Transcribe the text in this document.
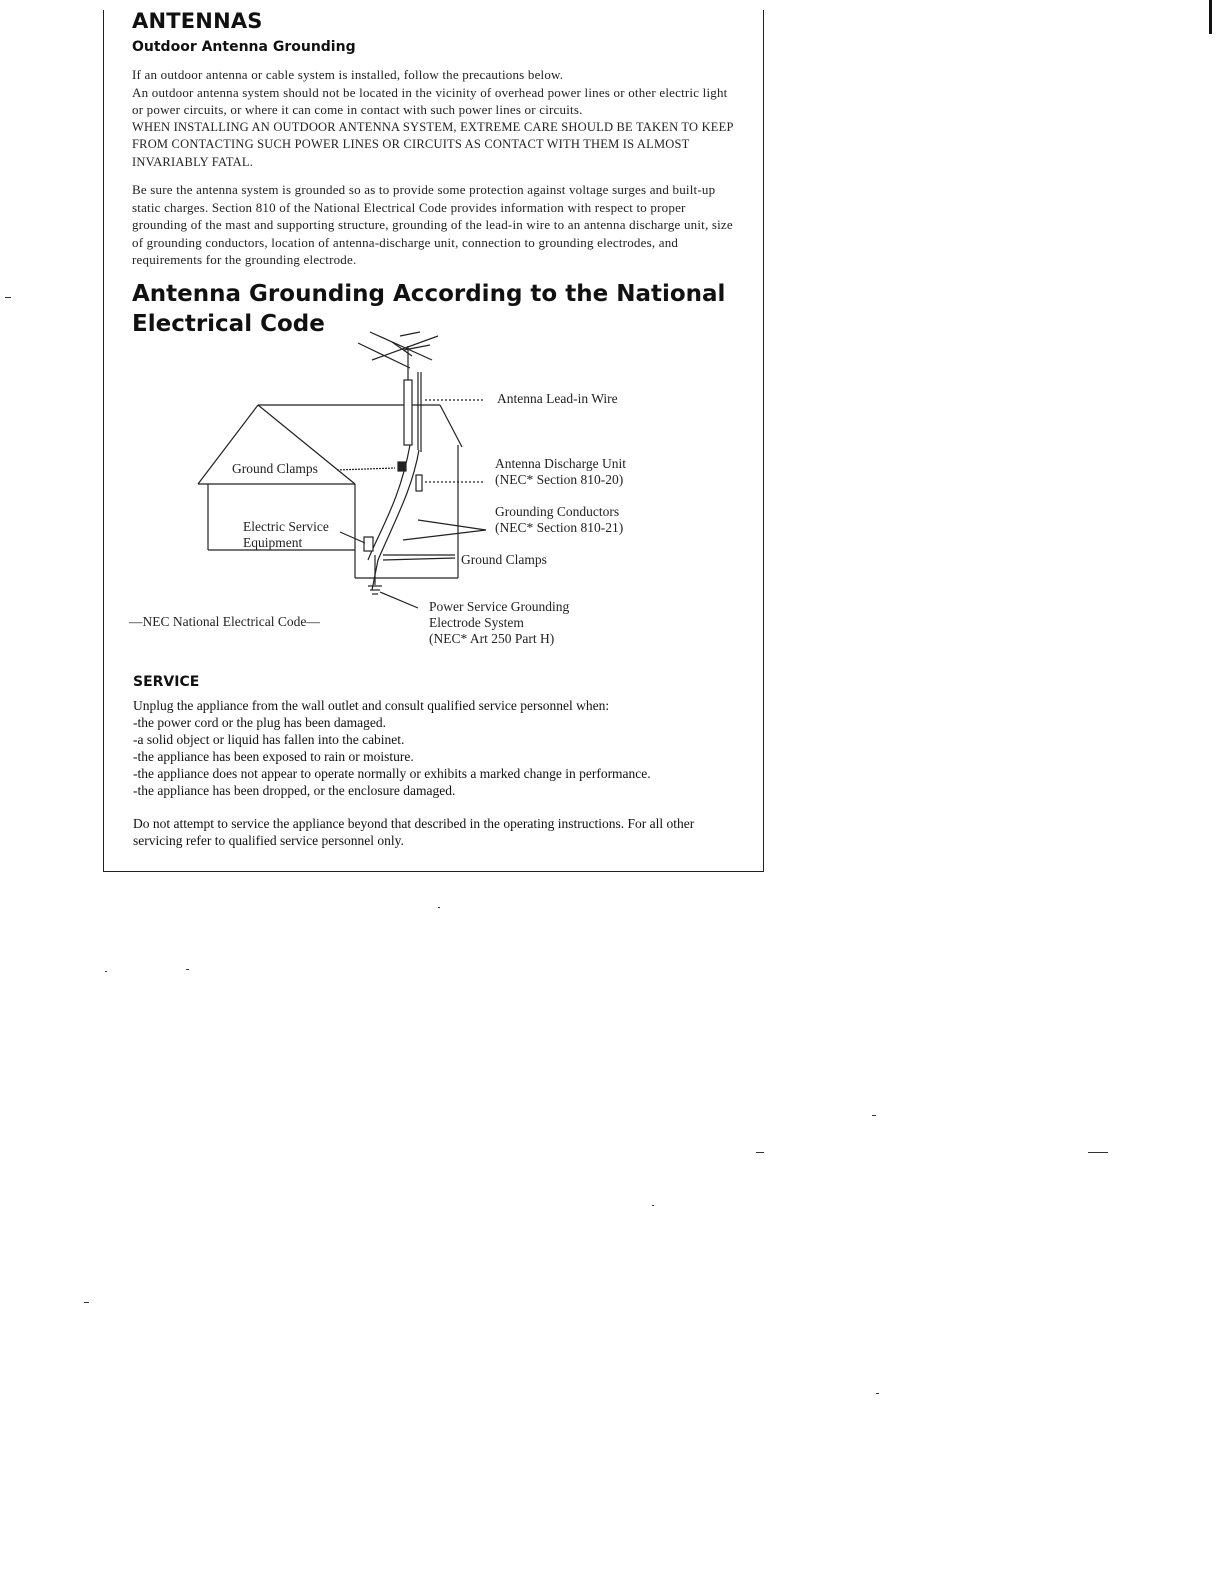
ANTENNAS
Outdoor Antenna Grounding

If an outdoor antenna or cable system is installed, follow the precautions below.

An outdoor antenna system should not be located in the vicinity of overhead power lines or other electric light or power circuits, or where it can come in contact with such power lines or circuits.

WHEN INSTALLING AN OUTDOOR ANTENNA SYSTEM, EXTREME CARE SHOULD BE TAKEN TO KEEP FROM CONTACTING SUCH POWER LINES OR CIRCUITS AS CONTACT WITH THEM IS ALMOST INVARIABLY FATAL.

Be sure the antenna system is grounded so as to provide some protection against voltage surges and built-up static charges. Section 810 of the National Electrical Code provides information with respect to proper grounding of the mast and supporting structure, grounding of the lead-in wire to an antenna discharge unit, size of grounding conductors, location of antenna-discharge unit, connection to grounding electrodes, and requirements for the grounding electrode.

Antenna Grounding According to the National Electrical Code
Antenna Lead-in Wire
Ground Clamps	Antenna Discharge Unit
(NEC* Section 810-20)
Grounding Conductors
(NEC* Section 810-21)
Electric Service
Equipment
Ground Clamps
Power Service Grounding
Electrode System
(NEC* Art 250 Part H)
—NEC National Electrical Code—
SERVICE
Unplug the appliance from the wall outlet and consult qualified service personnel when:
-the power cord or the plug has been damaged.
-a solid object or liquid has fallen into the cabinet.
-the appliance has been exposed to rain or moisture.
-the appliance does not appear to operate normally or exhibits a marked change in performance.
-the appliance has been dropped, or the enclosure damaged.
Do not attempt to service the appliance beyond that described in the operating instructions. For all other servicing refer to qualified service personnel only.
